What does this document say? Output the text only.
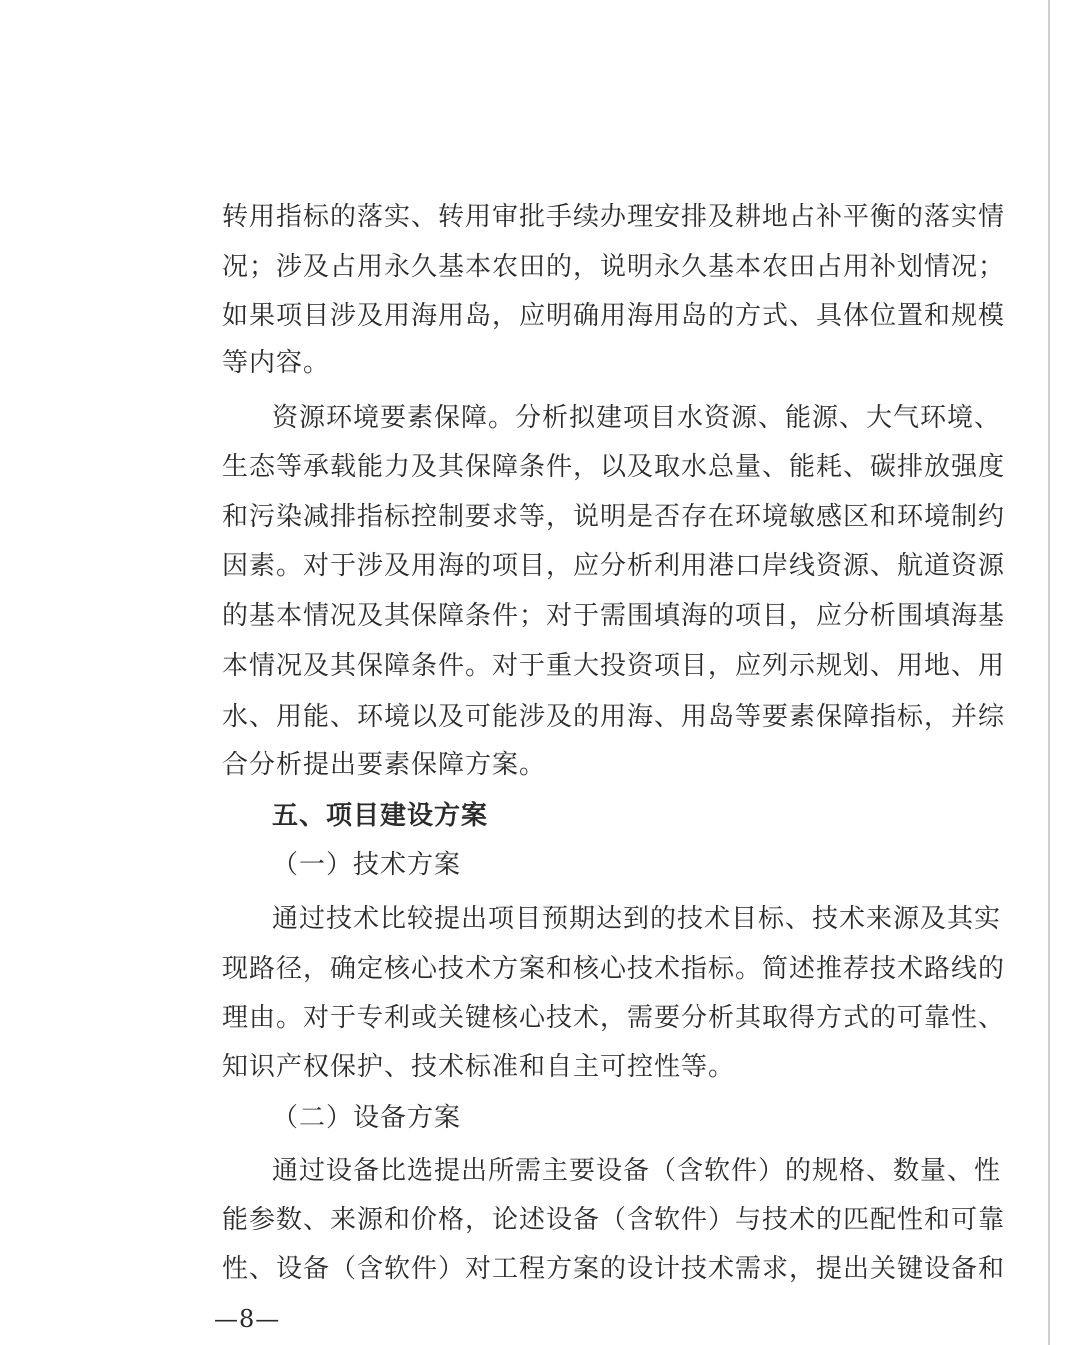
转用指标的落实、转用审批手续办理安排及耕地占补平衡的落实情
况；涉及占用永久基本农田的，说明永久基本农田占用补划情况；
如果项目涉及用海用岛，应明确用海用岛的方式、具体位置和规模
等内容。
资源环境要素保障。分析拟建项目水资源、能源、大气环境、
生态等承载能力及其保障条件，以及取水总量、能耗、碳排放强度
和污染减排指标控制要求等，说明是否存在环境敏感区和环境制约
因素。对于涉及用海的项目，应分析利用港口岸线资源、航道资源
的基本情况及其保障条件；对于需围填海的项目，应分析围填海基
本情况及其保障条件。对于重大投资项目，应列示规划、用地、用
水、用能、环境以及可能涉及的用海、用岛等要素保障指标，并综
合分析提出要素保障方案。
五、项目建设方案
（一）技术方案
通过技术比较提出项目预期达到的技术目标、技术来源及其实
现路径，确定核心技术方案和核心技术指标。简述推荐技术路线的
理由。对于专利或关键核心技术，需要分析其取得方式的可靠性、
知识产权保护、技术标准和自主可控性等。
（二）设备方案
通过设备比选提出所需主要设备（含软件）的规格、数量、性
能参数、来源和价格，论述设备（含软件）与技术的匹配性和可靠
性、设备（含软件）对工程方案的设计技术需求，提出关键设备和
—8—
